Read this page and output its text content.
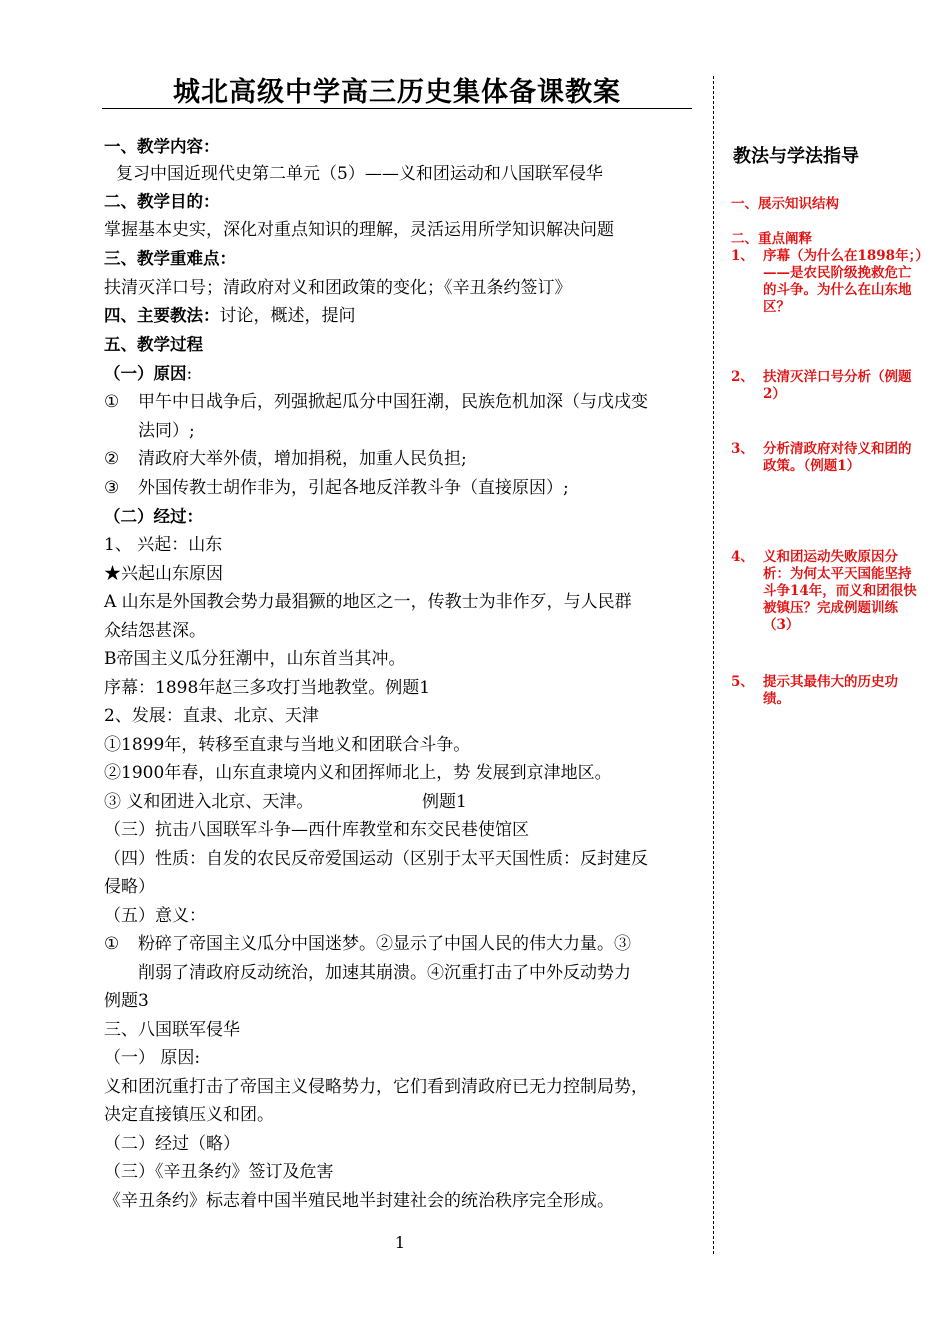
城北高级中学高三历史集体备课教案
一、教学内容：
复习中国近现代史第二单元（5）——义和团运动和八国联军侵华
二、教学目的：
掌握基本史实，深化对重点知识的理解，灵活运用所学知识解决问题
三、教学重难点：
扶清灭洋口号；清政府对义和团政策的变化；《辛丑条约签订》
四、主要教法：讨论，概述，提问
五、教学过程
（一）原因:
① 甲午中日战争后，列强掀起瓜分中国狂潮，民族危机加深（与戊戌变
法同）;
② 清政府大举外债，增加捐税，加重人民负担;
③ 外国传教士胡作非为，引起各地反洋教斗争（直接原因）;
（二）经过：
1、 兴起：山东
★兴起山东原因
A 山东是外国教会势力最猖獗的地区之一，传教士为非作歹，与人民群
众结怨甚深。
B帝国主义瓜分狂潮中，山东首当其冲。
序幕：1898年赵三多攻打当地教堂。例题1
2、发展：直隶、北京、天津
①1899年，转移至直隶与当地义和团联合斗争。
②1900年春，山东直隶境内义和团挥师北上，势 发展到京津地区。
③ 义和团进入北京、天津。	例题1
（三）抗击八国联军斗争—西什库教堂和东交民巷使馆区
（四）性质：自发的农民反帝爱国运动（区别于太平天国性质：反封建反
侵略）
（五）意义：
① 粉碎了帝国主义瓜分中国迷梦。②显示了中国人民的伟大力量。③
削弱了清政府反动统治，加速其崩溃。④沉重打击了中外反动势力
例题3
三、八国联军侵华
（一） 原因:
义和团沉重打击了帝国主义侵略势力，它们看到清政府已无力控制局势，
决定直接镇压义和团。
（二）经过（略）
（三）《辛丑条约》签订及危害
《辛丑条约》标志着中国半殖民地半封建社会的统治秩序完全形成。
教法与学法指导
一、展示知识结构
二、重点阐释
1、 序幕（为什么在1898年；）——是农民阶级挽救危亡的斗争。为什么在山东地区？
2、 扶清灭洋口号分析（例题2）
3、 分析清政府对待义和团的政策。（例题1）
4、 义和团运动失败原因分析：为何太平天国能坚持斗争14年，而义和团很快被镇压？完成例题训练（3）
5、 提示其最伟大的历史功绩。
1
